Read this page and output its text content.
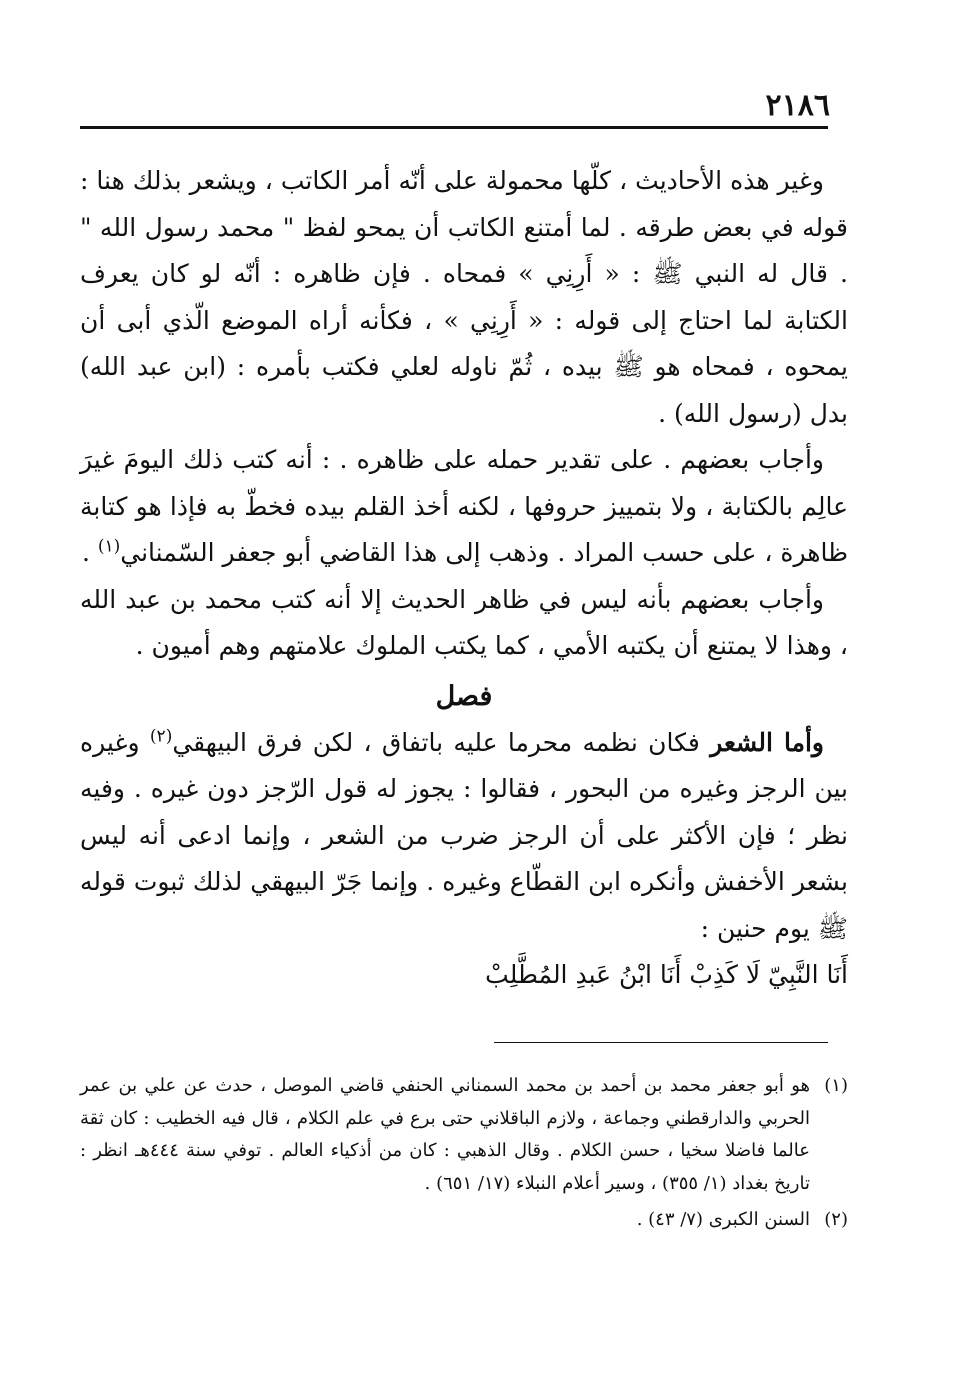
٢١٨٦

وغير هذه الأحاديث ، كلّها محمولة على أنّه أمر الكاتب ، ويشعر بذلك هنا : قوله في بعض طرقه . لما أمتنع الكاتب أن يمحو لفظ " محمد رسول الله " . قال له النبي ﷺ : « أَرِنِي » فمحاه . فإن ظاهره : أنّه لو كان يعرف الكتابة لما احتاج إلى قوله : « أَرِنِي » ، فكأنه أراه الموضع الّذي أبى أن يمحوه ، فمحاه هو ﷺ بيده ، ثُمّ ناوله لعلي فكتب بأمره : (ابن عبد الله) بدل (رسول الله) .

وأجاب بعضهم . على تقدير حمله على ظاهره . : أنه كتب ذلك اليومَ غيرَ عالِم بالكتابة ، ولا بتمييز حروفها ، لكنه أخذ القلم بيده فخطّ به فإذا هو كتابة ظاهرة ، على حسب المراد . وذهب إلى هذا القاضي أبو جعفر السّمناني$^{(١)}$ .

وأجاب بعضهم بأنه ليس في ظاهر الحديث إلا أنه كتب محمد بن عبد الله ، وهذا لا يمتنع أن يكتبه الأمي ، كما يكتب الملوك علامتهم وهم أميون .

فصل

وأما الشعر فكان نظمه محرما عليه باتفاق ، لكن فرق البيهقي$^{(٢)}$ وغيره بين الرجز وغيره من البحور ، فقالوا : يجوز له قول الرّجز دون غيره . وفيه نظر ؛ فإن الأكثر على أن الرجز ضرب من الشعر ، وإنما ادعى أنه ليس بشعر الأخفش وأنكره ابن القطّاع وغيره . وإنما جَرّ البيهقي لذلك ثبوت قوله ﷺ يوم حنين :

أَنَا النَّبِيّ لَا كَذِبْ أَنَا ابْنُ عَبدِ المُطَّلِبْ

(١)
هو أبو جعفر محمد بن أحمد بن محمد السمناني الحنفي قاضي الموصل ، حدث عن علي بن عمر الحربي والدارقطني وجماعة ، ولازم الباقلاني حتى برع في علم الكلام ، قال فيه الخطيب : كان ثقة عالما فاضلا سخيا ، حسن الكلام . وقال الذهبي : كان من أذكياء العالم . توفي سنة ٤٤٤هـ انظر : تاريخ بغداد (١/ ٣٥٥) ، وسير أعلام النبلاء (١٧/ ٦٥١) .

(٢)
السنن الكبرى (٧/ ٤٣) .
